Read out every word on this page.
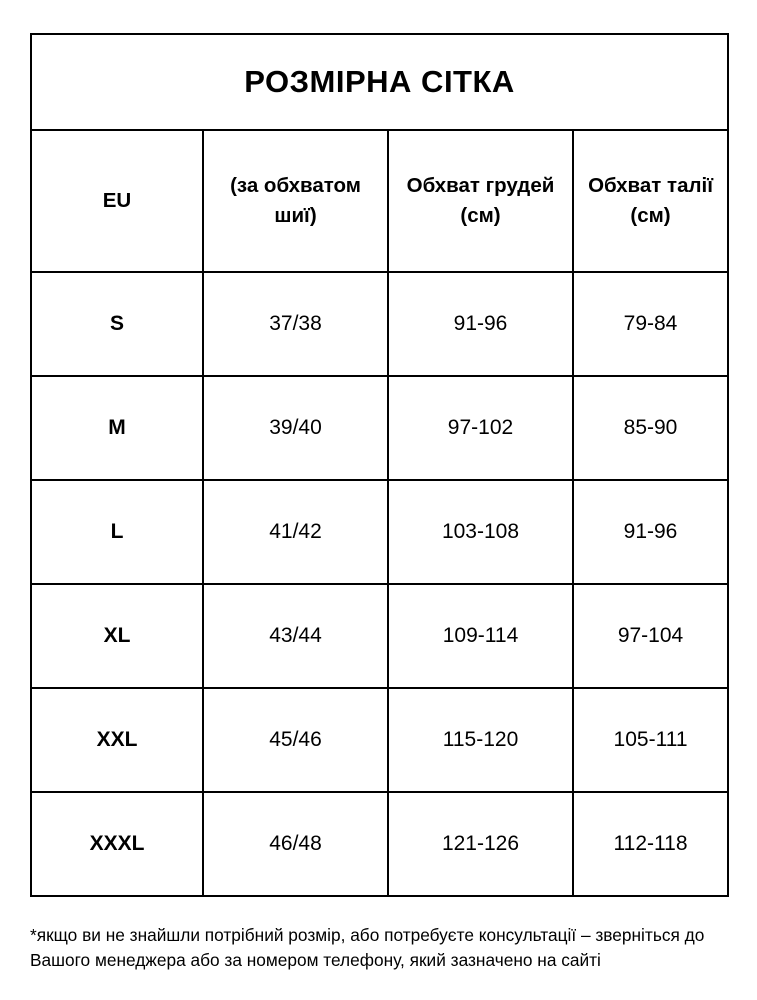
РОЗМІРНА СІТКА			
EU	(за обхватом шиї)	Обхват грудей (см)	Обхват талії (см)
S	37/38	91-96	79-84
M	39/40	97-102	85-90
L	41/42	103-108	91-96
XL	43/44	109-114	97-104
XXL	45/46	115-120	105-111
XXXL	46/48	121-126	112-118
*якщо ви не знайшли потрібний розмір, або потребуєте консультації – зверніться до Вашого менеджера або за номером телефону, який зазначено на сайті
